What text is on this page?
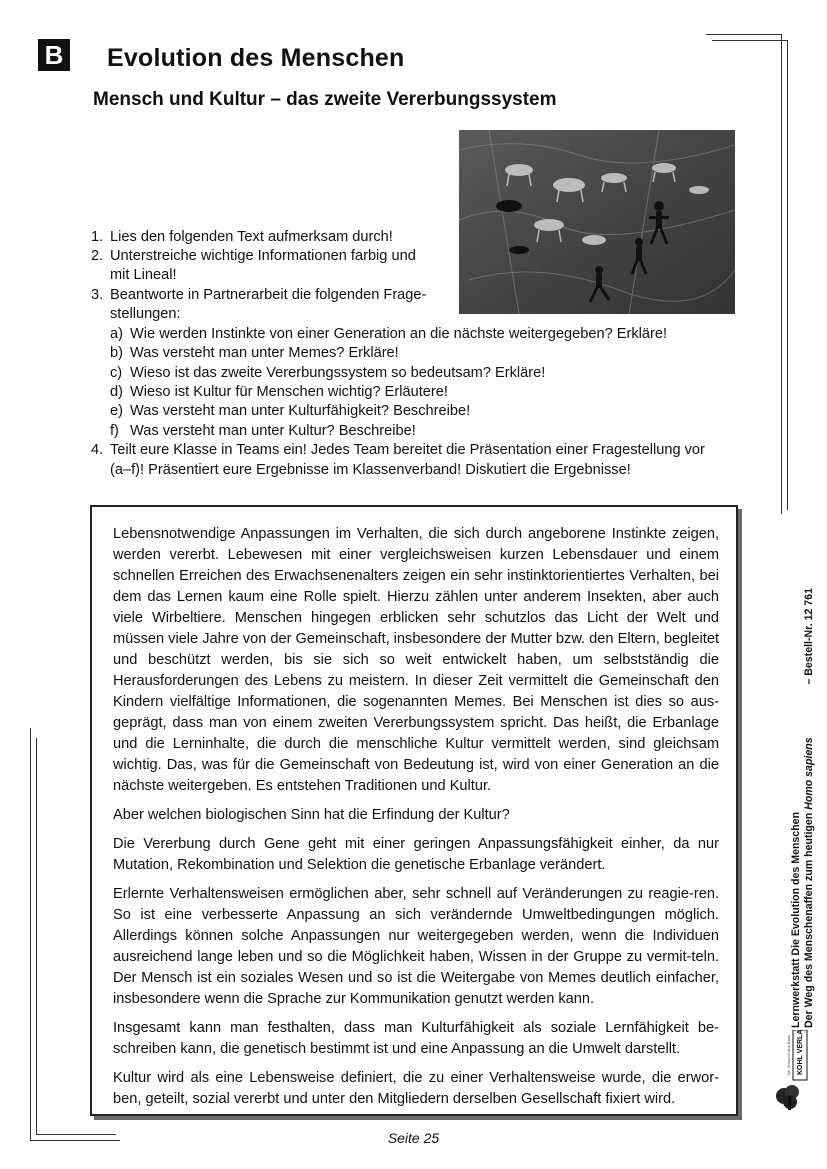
B Evolution des Menschen
Mensch und Kultur – das zweite Vererbungssystem
1. Lies den folgenden Text aufmerksam durch!
2. Unterstreiche wichtige Informationen farbig und
mit Lineal!
3. Beantworte in Partnerarbeit die folgenden Frage-
stellungen:
a) Wie werden Instinkte von einer Generation an die nächste weitergegeben? Erkläre!
b) Was versteht man unter Memes? Erkläre!
c) Wieso ist das zweite Vererbungssystem so bedeutsam? Erkläre!
d) Wieso ist Kultur für Menschen wichtig? Erläutere!
e) Was versteht man unter Kulturfähigkeit? Beschreibe!
f) Was versteht man unter Kultur? Beschreibe!
4. Teilt eure Klasse in Teams ein! Jedes Team bereitet die Präsentation einer Fragestellung vor
(a–f)! Präsentiert eure Ergebnisse im Klassenverband! Diskutiert die Ergebnisse!

Lebensnotwendige Anpassungen im Verhalten, die sich durch angeborene Instinkte zeigen, werden vererbt. Lebewesen mit einer vergleichsweisen kurzen Lebensdauer und einem schnellen Erreichen des Erwachsenenalters zeigen ein sehr instinktorientiertes Verhalten, bei dem das Lernen kaum eine Rolle spielt. Hierzu zählen unter anderem Insekten, aber auch viele Wirbeltiere. Menschen hingegen erblicken sehr schutzlos das Licht der Welt und müssen viele Jahre von der Gemeinschaft, insbesondere der Mutter bzw. den Eltern, begleitet und beschützt werden, bis sie sich so weit entwickelt haben, um selbstständig die Herausforderungen des Lebens zu meistern. In dieser Zeit vermittelt die Gemeinschaft den Kindern vielfältige Informationen, die sogenannten Memes. Bei Menschen ist dies so aus-geprägt, dass man von einem zweiten Vererbungssystem spricht. Das heißt, die Erbanlage und die Lerninhalte, die durch die menschliche Kultur vermittelt werden, sind gleichsam wichtig. Das, was für die Gemeinschaft von Bedeutung ist, wird von einer Generation an die nächste weitergeben. Es entstehen Traditionen und Kultur.

Aber welchen biologischen Sinn hat die Erfindung der Kultur?

Die Vererbung durch Gene geht mit einer geringen Anpassungsfähigkeit einher, da nur Mutation, Rekombination und Selektion die genetische Erbanlage verändert.

Erlernte Verhaltensweisen ermöglichen aber, sehr schnell auf Veränderungen zu reagie-ren. So ist eine verbesserte Anpassung an sich verändernde Umweltbedingungen möglich. Allerdings können solche Anpassungen nur weitergegeben werden, wenn die Individuen ausreichend lange leben und so die Möglichkeit haben, Wissen in der Gruppe zu vermit-teln. Der Mensch ist ein soziales Wesen und so ist die Weitergabe von Memes deutlich einfacher, insbesondere wenn die Sprache zur Kommunikation genutzt werden kann.

Insgesamt kann man festhalten, dass man Kulturfähigkeit als soziale Lernfähigkeit be-schreiben kann, die genetisch bestimmt ist und eine Anpassung an die Umwelt darstellt.

Kultur wird als eine Lebensweise definiert, die zu einer Verhaltensweise wurde, die erwor-ben, geteilt, sozial vererbt und unter den Mitgliedern derselben Gesellschaft fixiert wird.

Lernwerkstatt Die Evolution des Menschen Der Weg des Menschenaffen zum heutigen Homo sapiens
– Bestell-Nr. 12 761
KOHL VERLAG
Der Verlag mit dem Baum
Seite 25
